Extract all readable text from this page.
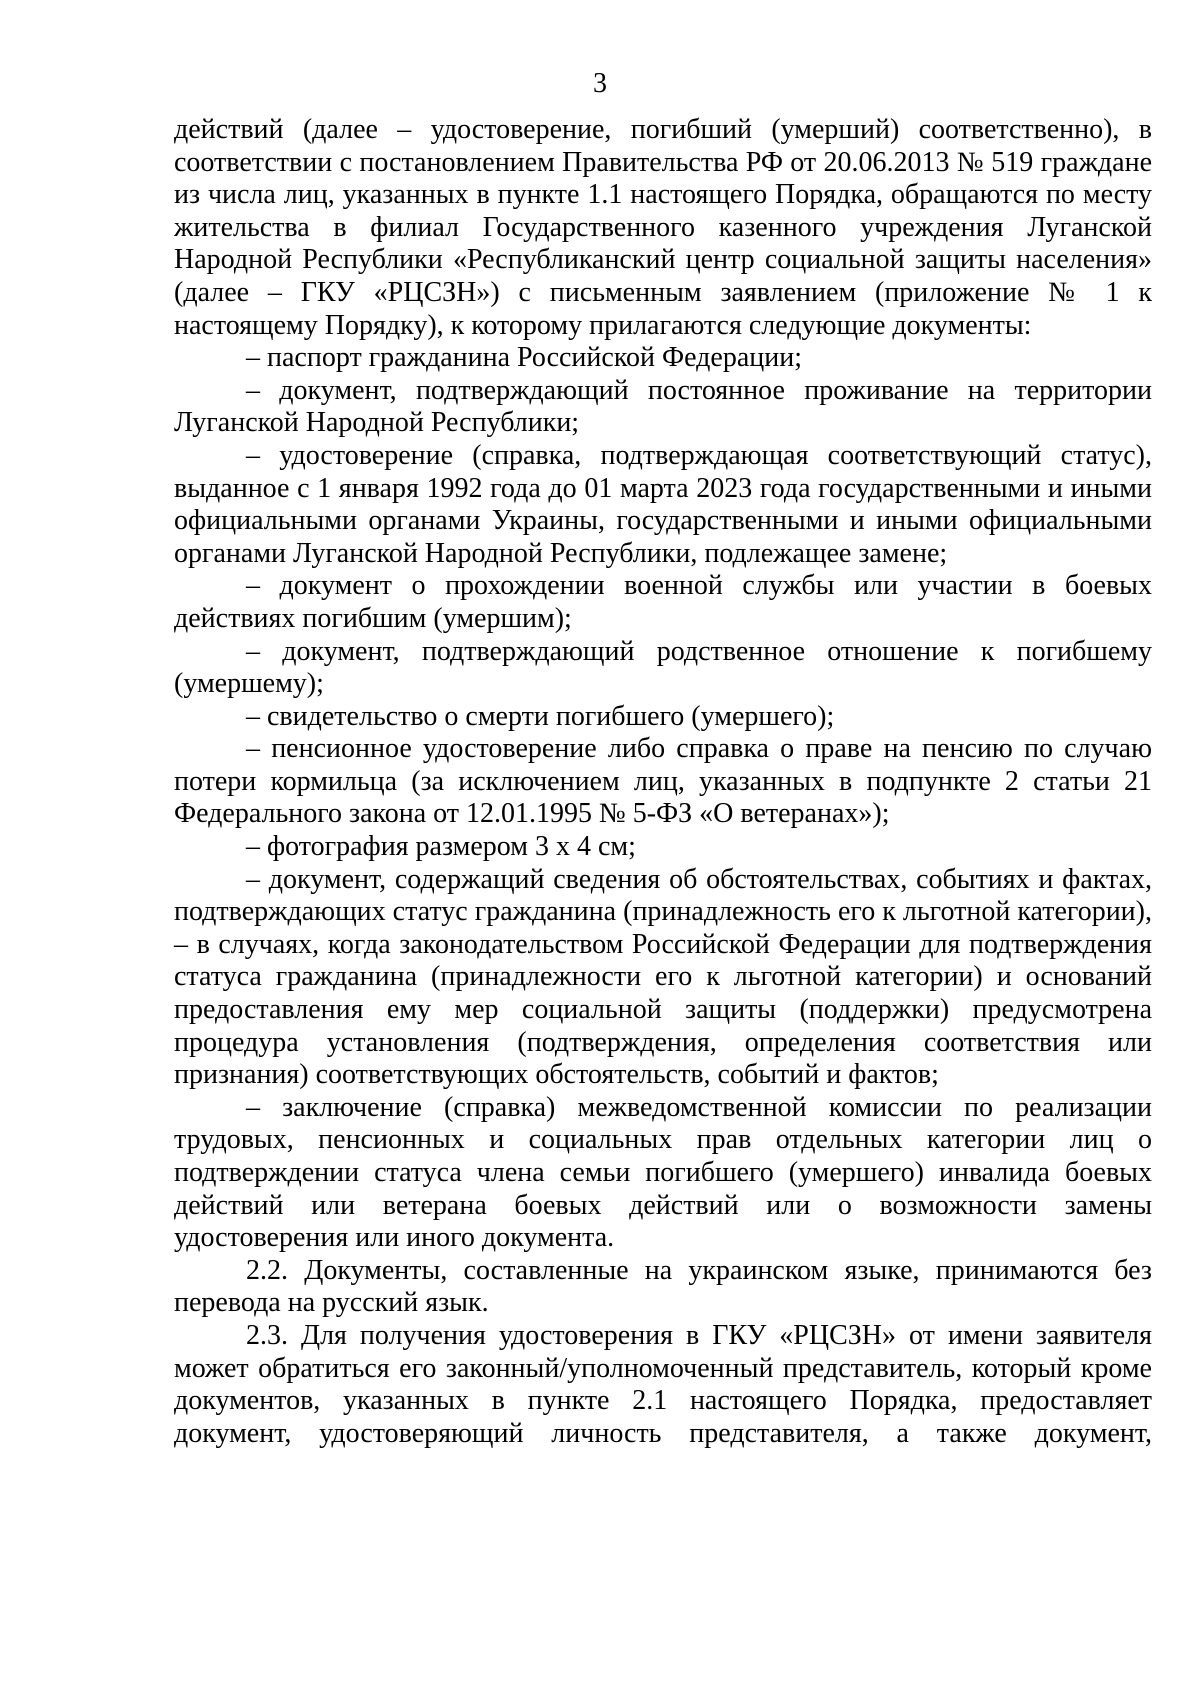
3

действий (далее – удостоверение, погибший (умерший) соответственно), в соответствии с постановлением Правительства РФ от 20.06.2013 № 519 граждане из числа лиц, указанных в пункте 1.1 настоящего Порядка, обращаются по месту жительства в филиал Государственного казенного учреждения Луганской Народной Республики «Республиканский центр социальной защиты населения» (далее – ГКУ «РЦСЗН») с письменным заявлением (приложение № 1 к настоящему Порядку), к которому прилагаются следующие документы:

– паспорт гражданина Российской Федерации;

– документ, подтверждающий постоянное проживание на территории Луганской Народной Республики;

– удостоверение (справка, подтверждающая соответствующий статус), выданное с 1 января 1992 года до 01 марта 2023 года государственными и иными официальными органами Украины, государственными и иными официальными органами Луганской Народной Республики, подлежащее замене;

– документ о прохождении военной службы или участии в боевых действиях погибшим (умершим);

– документ, подтверждающий родственное отношение к погибшему (умершему);

– свидетельство о смерти погибшего (умершего);

– пенсионное удостоверение либо справка о праве на пенсию по случаю потери кормильца (за исключением лиц, указанных в подпункте 2 статьи 21 Федерального закона от 12.01.1995 № 5-ФЗ «О ветеранах»);

– фотография размером 3 х 4 см;

– документ, содержащий сведения об обстоятельствах, событиях и фактах, подтверждающих статус гражданина (принадлежность его к льготной категории), – в случаях, когда законодательством Российской Федерации для подтверждения статуса гражданина (принадлежности его к льготной категории) и оснований предоставления ему мер социальной защиты (поддержки) предусмотрена процедура установления (подтверждения, определения соответствия или признания) соответствующих обстоятельств, событий и фактов;

– заключение (справка) межведомственной комиссии по реализации трудовых, пенсионных и социальных прав отдельных категории лиц о подтверждении статуса члена семьи погибшего (умершего) инвалида боевых действий или ветерана боевых действий или о возможности замены удостоверения или иного документа.

2.2. Документы, составленные на украинском языке, принимаются без перевода на русский язык.

2.3. Для получения удостоверения в ГКУ «РЦСЗН» от имени заявителя может обратиться его законный/уполномоченный представитель, который кроме документов, указанных в пункте 2.1 настоящего Порядка, предоставляет документ, удостоверяющий личность представителя, а также документ,
